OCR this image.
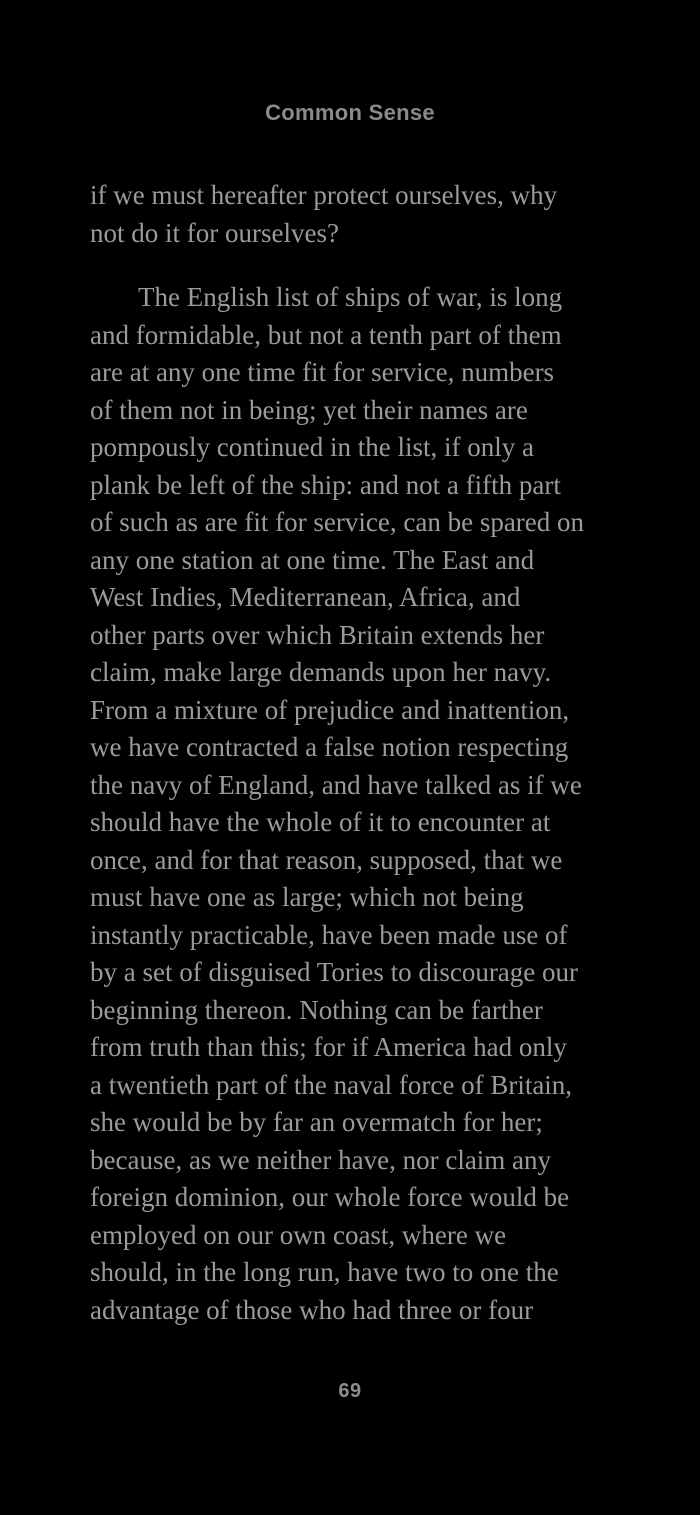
Common Sense
if we must hereafter protect ourselves, why
not do it for ourselves?
The English list of ships of war, is long
and formidable, but not a tenth part of them
are at any one time fit for service, numbers
of them not in being; yet their names are
pompously continued in the list, if only a
plank be left of the ship: and not a fifth part
of such as are fit for service, can be spared on
any one station at one time. The East and
West Indies, Mediterranean, Africa, and
other parts over which Britain extends her
claim, make large demands upon her navy.
From a mixture of prejudice and inattention,
we have contracted a false notion respecting
the navy of England, and have talked as if we
should have the whole of it to encounter at
once, and for that reason, supposed, that we
must have one as large; which not being
instantly practicable, have been made use of
by a set of disguised Tories to discourage our
beginning thereon. Nothing can be farther
from truth than this; for if America had only
a twentieth part of the naval force of Britain,
she would be by far an overmatch for her;
because, as we neither have, nor claim any
foreign dominion, our whole force would be
employed on our own coast, where we
should, in the long run, have two to one the
advantage of those who had three or four
69
